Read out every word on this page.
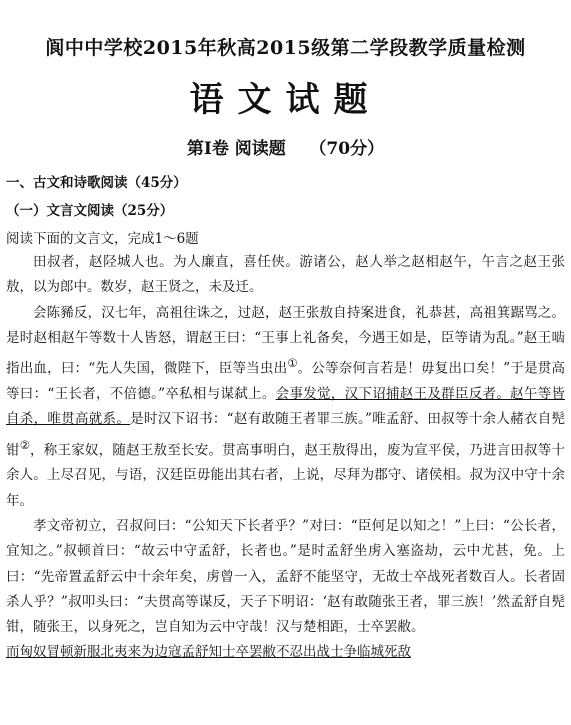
阆中中学校2015年秋高2015级第二学段教学质量检测
语文试题
第Ⅰ卷 阅读题    （70分）
一、古文和诗歌阅读（45分）
（一）文言文阅读（25分）
阅读下面的文言文，完成1～6题

田叔者，赵陉城人也。为人廉直，喜任侠。游诸公，赵人举之赵相赵午，午言之赵王张敖，以为郎中。数岁，赵王贤之，未及迁。

会陈豨反，汉七年，高祖往诛之，过赵，赵王张敖自持案进食，礼恭甚，高祖箕踞骂之。是时赵相赵午等数十人皆怒，谓赵王曰：“王事上礼备矣，今遇王如是，臣等请为乱。”赵王啮指出血，曰：“先人失国，微陛下，臣等当虫出①。公等奈何言若是！毋复出口矣！”于是贯高等曰：“王长者，不倍德。”卒私相与谋弑上。会事发觉，汉下诏捕赵王及群臣反者。赵午等皆自杀，唯贯高就系。是时汉下诏书：“赵有敢随王者罪三族。”唯孟舒、田叔等十余人赭衣自髡钳②，称王家奴，随赵王敖至长安。贯高事明白，赵王敖得出，废为宣平侯，乃进言田叔等十余人。上尽召见，与语，汉廷臣毋能出其右者，上说，尽拜为郡守、诸侯相。叔为汉中守十余年。

孝文帝初立，召叔问曰：“公知天下长者乎？”对曰：“臣何足以知之！”上曰：“公长者，宜知之。”叔顿首曰：“故云中守孟舒，长者也。”是时孟舒坐虏入塞盗劫，云中尤甚，免。上曰：“先帝置孟舒云中十余年矣，虏曾一入，孟舒不能坚守，无故士卒战死者数百人。长者固杀人乎？”叔叩头曰：“夫贯高等谋反，天子下明诏：‘赵有敢随张王者，罪三族！’然孟舒自髡钳，随张王，以身死之，岂自知为云中守哉！汉与楚相距，士卒罢敝。

而匈奴冒顿新服北夷来为边寇孟舒知士卒罢敝不忍出战士争临城死敌
